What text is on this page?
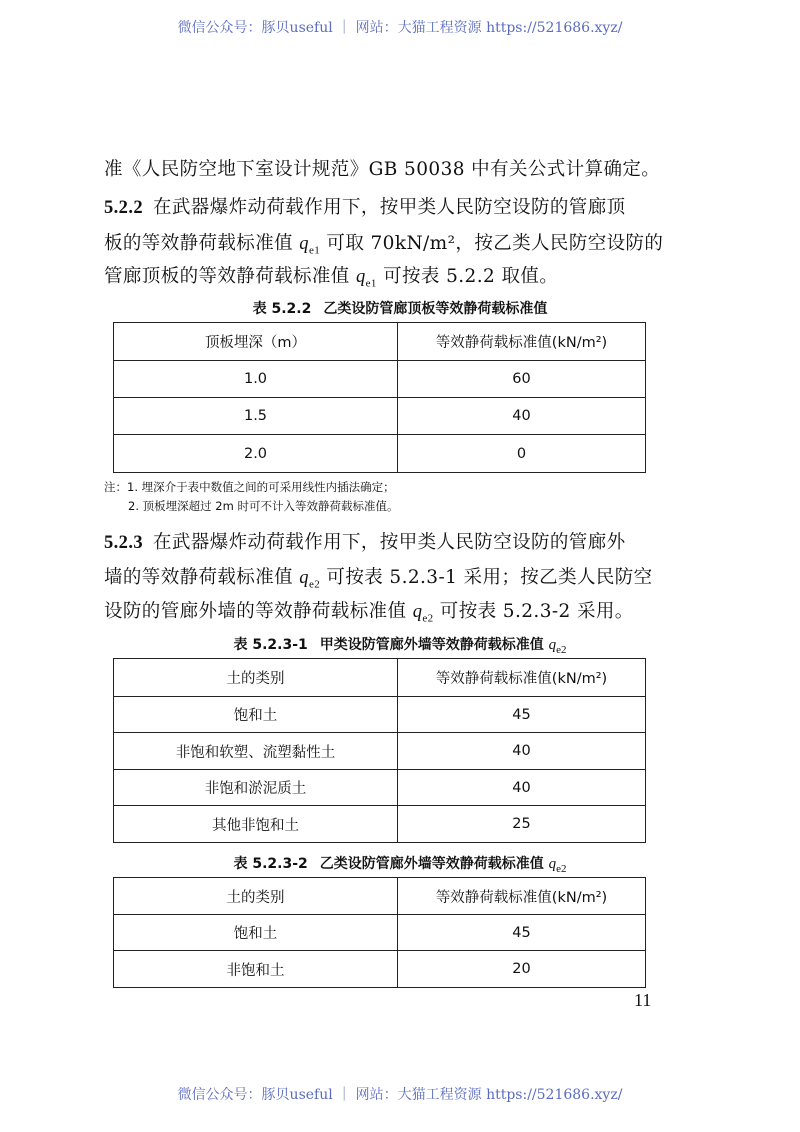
微信公众号：豚贝useful ｜ 网站：大猫工程资源 https://521686.xyz/
准《人民防空地下室设计规范》GB 50038 中有关公式计算确定。
5.2.2 在武器爆炸动荷载作用下，按甲类人民防空设防的管廊顶
板的等效静荷载标准值 $q_{e1}$ 可取 70kN/m²，按乙类人民防空设防的
管廊顶板的等效静荷载标准值 $q_{e1}$ 可按表 5.2.2 取值。
表 5.2.2 乙类设防管廊顶板等效静荷载标准值
顶板埋深（m）	等效静荷载标准值(kN/m²)
1.0	60
1.5	40
2.0	0
注：1. 埋深介于表中数值之间的可采用线性内插法确定；
2. 顶板埋深超过 2m 时可不计入等效静荷载标准值。
5.2.3 在武器爆炸动荷载作用下，按甲类人民防空设防的管廊外
墙的等效静荷载标准值 $q_{e2}$ 可按表 5.2.3-1 采用；按乙类人民防空
设防的管廊外墙的等效静荷载标准值 $q_{e2}$ 可按表 5.2.3-2 采用。
表 5.2.3-1 甲类设防管廊外墙等效静荷载标准值 $q_{e2}$
土的类别	等效静荷载标准值(kN/m²)
饱和土	45
非饱和软塑、流塑黏性土	40
非饱和淤泥质土	40
其他非饱和土	25
表 5.2.3-2 乙类设防管廊外墙等效静荷载标准值 $q_{e2}$
土的类别	等效静荷载标准值(kN/m²)
饱和土	45
非饱和土	20
11
微信公众号：豚贝useful ｜ 网站：大猫工程资源 https://521686.xyz/
